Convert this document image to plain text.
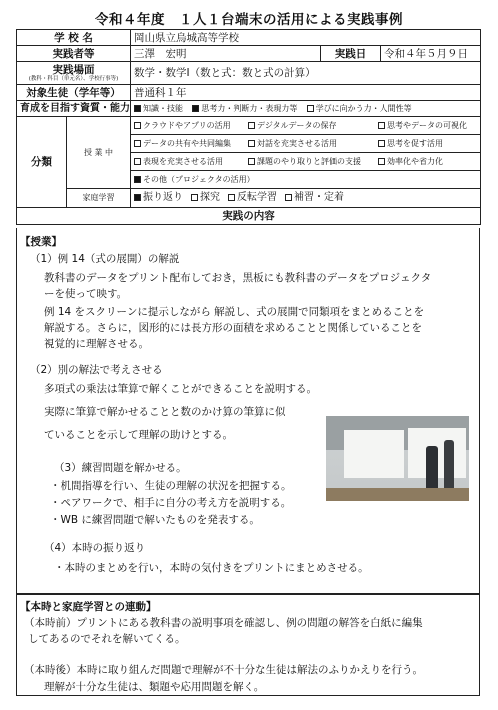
令和４年度　１人１台端末の活用による実践事例
学 校 名		岡山県立烏城高等学校		
実践者等		三澤　宏明	実践日	令和４年５月９日
実践場面
(教科・科目（単元名）、学校行事等)		数学・数学Ⅰ（数と式：数と式の計算）		
対象生徒（学年等）		普通科１年		
育成を目指す資質・能力		知識・技能 思考力・判断力・表現力等 学びに向かう力・人間性等		
分類	授 業 中	クラウドやアプリの活用 デジタルデータの保存 思考やデータの可視化		
		データの共有や共同編集 対話を充実させる活用 思考を促す活用		
		表現を充実させる活用 課題のやり取りと評価の支援 効率化や省力化		
		その他（プロジェクタの活用）		
	家庭学習	振り返り 探究 反転学習 補習・定着		
実践の内容				
【授業】
（1）例 14（式の展開）の解説
教科書のデータをプリント配布しておき，黒板にも教科書のデータをプロジェクタ
ーを使って映す。
例 14 をスクリーンに提示しながら 解説し、式の展開で同類項をまとめることを
解説する。さらに，図形的には長方形の面積を求めることと関係していることを
視覚的に理解させる。
（2）別の解法で考えさせる
多項式の乗法は筆算で解くことができることを説明する。
実際に筆算で解かせることと数のかけ算の筆算に似
ていることを示して理解の助けとする。
（3）練習問題を解かせる。
・机間指導を行い、生徒の理解の状況を把握する。
・ペアワークで、相手に自分の考え方を説明する。
・WB に練習問題で解いたものを発表する。
（4）本時の振り返り
・本時のまとめを行い，本時の気付きをプリントにまとめさせる。
【本時と家庭学習との連動】
（本時前）プリントにある教科書の説明事項を確認し、例の問題の解答を白紙に編集
してあるのでそれを解いてくる。
（本時後）本時に取り組んだ問題で理解が不十分な生徒は解法のふりかえりを行う。
理解が十分な生徒は、類題や応用問題を解く。
